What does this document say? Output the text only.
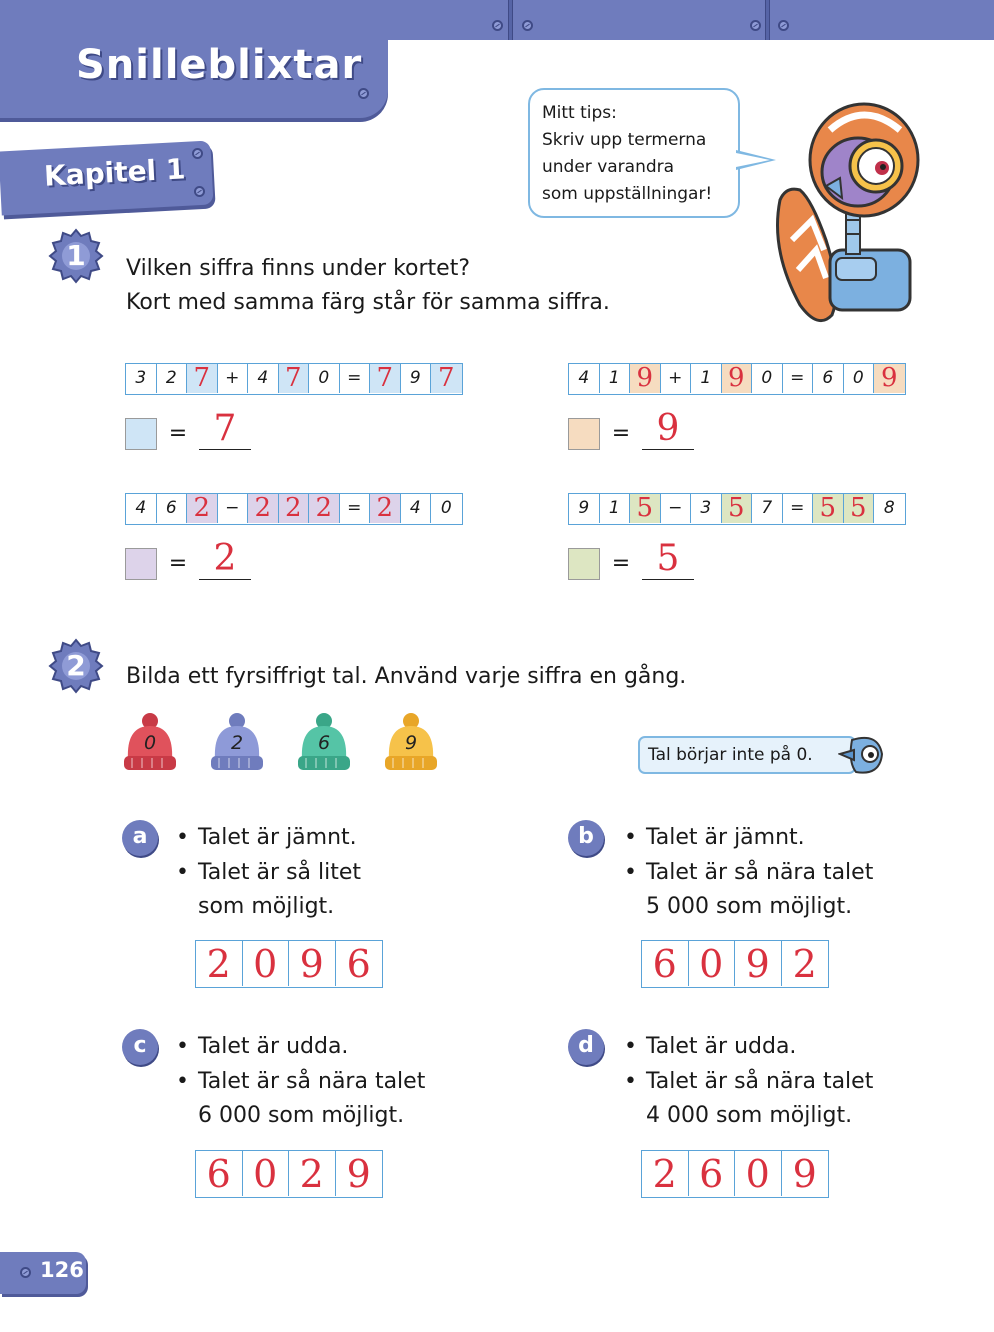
Snilleblixtar
Kapitel 1
Mitt tips:
Skriv upp termerna
under varandra
som uppställningar!
1	Vilken siffra finns under kortet?
Kort med samma färg står för samma siffra.
3	2 7 +	4 7 0	= 7 9 7
= 7
4	1 9 +	1 9 0	=	6	0 9
= 9
4	6 2 − 2 2 2 = 2 4	0
= 2
9	1 5 −	3 5 7	= 5 5	8
= 5
2	Bilda ett fyrsiffrigt tal. Använd varje siffra en gång.
0	2	6	9
Tal börjar inte på 0.
a	• Talet är jämnt.
• Talet är så litet
som möjligt.
2 0 9 6
b	• Talet är jämnt.
• Talet är så nära talet
5 000 som möjligt.
6 0 9 2
c	• Talet är udda.
• Talet är så nära talet
6 000 som möjligt.
6 0 2 9
d	• Talet är udda.
• Talet är så nära talet
4 000 som möjligt.
2 6 0 9
126
